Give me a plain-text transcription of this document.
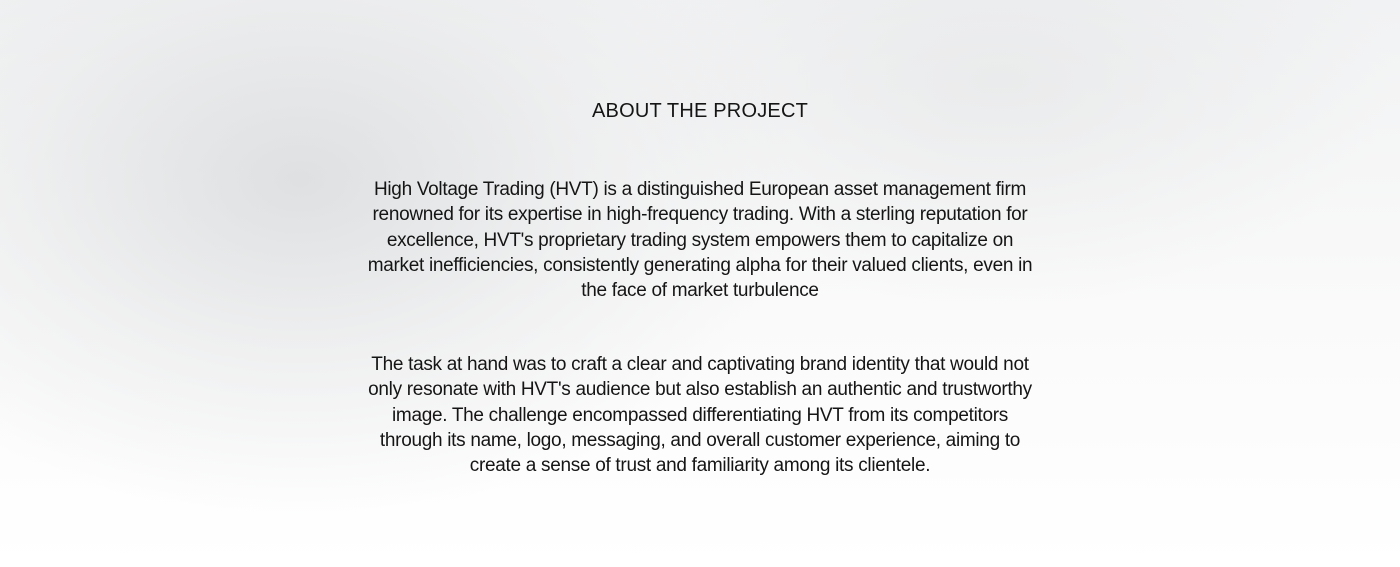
ABOUT THE PROJECT
High Voltage Trading (HVT) is a distinguished European asset management firm renowned for its expertise in high-frequency trading. With a sterling reputation for excellence, HVT's proprietary trading system empowers them to capitalize on market inefficiencies, consistently generating alpha for their valued clients, even in the face of market turbulence
The task at hand was to craft a clear and captivating brand identity that would not only resonate with HVT's audience but also establish an authentic and trustworthy image. The challenge encompassed differentiating HVT from its competitors through its name, logo, messaging, and overall customer experience, aiming to create a sense of trust and familiarity among its clientele.
